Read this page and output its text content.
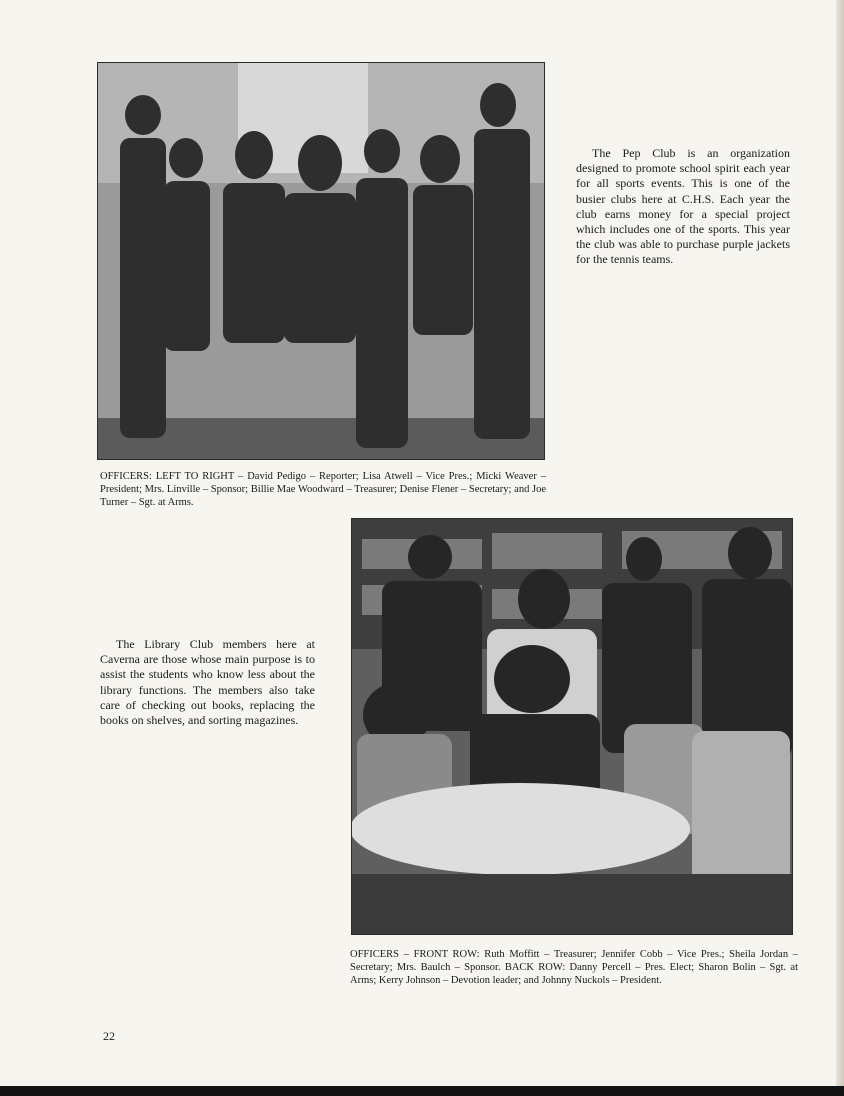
The Pep Club is an organization designed to promote school spirit each year for all sports events. This is one of the busier clubs here at C.H.S. Each year the club earns money for a special project which includes one of the sports. This year the club was able to purchase purple jackets for the tennis teams.

OFFICERS: LEFT TO RIGHT – David Pedigo – Reporter; Lisa Atwell – Vice Pres.; Micki Weaver – President; Mrs. Linville – Sponsor; Billie Mae Woodward – Treasurer; Denise Flener – Secretary; and Joe Turner – Sgt. at Arms.

The Library Club members here at Caverna are those whose main purpose is to assist the students who know less about the library functions. The members also take care of checking out books, replacing the books on shelves, and sorting magazines.

OFFICERS – FRONT ROW: Ruth Moffitt – Treasurer; Jennifer Cobb – Vice Pres.; Sheila Jordan – Secretary; Mrs. Baulch – Sponsor. BACK ROW: Danny Percell – Pres. Elect; Sharon Bolin – Sgt. at Arms; Kerry Johnson – Devotion leader; and Johnny Nuckols – President.

22
